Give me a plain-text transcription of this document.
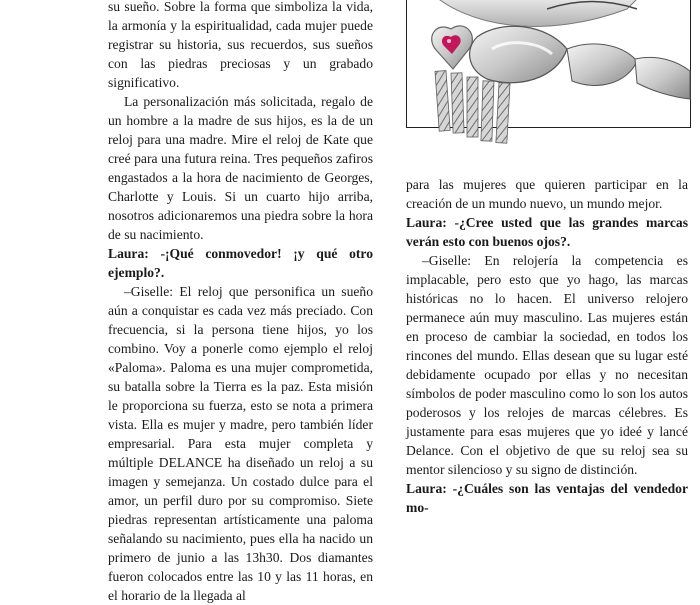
su sueño. Sobre la forma que simboliza la vida, la armonía y la espiritualidad, cada mujer puede registrar su historia, sus recuerdos, sus sueños con las piedras preciosas y un grabado significativo.

La personalización más solicitada, regalo de un hombre a la madre de sus hijos, es la de un reloj para una madre. Mire el reloj de Kate que creé para una futura reina. Tres pequeños zafiros engastados a la hora de nacimiento de Georges, Charlotte y Louis. Si un cuarto hijo arriba, nosotros adicionaremos una piedra sobre la hora de su nacimiento.

Laura: -¡Qué conmovedor! ¡y qué otro ejemplo?.

–Giselle: El reloj que personifica un sueño aún a conquistar es cada vez más preciado. Con frecuencia, si la persona tiene hijos, yo los combino. Voy a ponerle como ejemplo el reloj «Paloma». Paloma es una mujer comprometida, su batalla sobre la Tierra es la paz. Esta misión le proporciona su fuerza, esto se nota a primera vista. Ella es mujer y madre, pero también líder empresarial. Para esta mujer completa y múltiple DELANCE ha diseñado un reloj a su imagen y semejanza. Un costado dulce para el amor, un perfil duro por su compromiso. Siete piedras representan artísticamente una paloma señalando su nacimiento, pues ella ha nacido un primero de junio a las 13h30. Dos diamantes fueron colocados entre las 10 y las 11 horas, en el horario de la llegada al

para las mujeres que quieren participar en la creación de un mundo nuevo, un mundo mejor.

Laura: -¿Cree usted que las grandes marcas verán esto con buenos ojos?.

–Giselle: En relojería la competencia es implacable, pero esto que yo hago, las marcas históricas no lo hacen. El universo relojero permanece aún muy masculino. Las mujeres están en proceso de cambiar la sociedad, en todos los rincones del mundo. Ellas desean que su lugar esté debidamente ocupado por ellas y no necesitan símbolos de poder masculino como lo son los autos poderosos y los relojes de marcas célebres. Es justamente para esas mujeres que yo ideé y lancé Delance. Con el objetivo de que su reloj sea su mentor silencioso y su signo de distinción.

Laura: -¿Cuáles son las ventajas del vendedor mo-
